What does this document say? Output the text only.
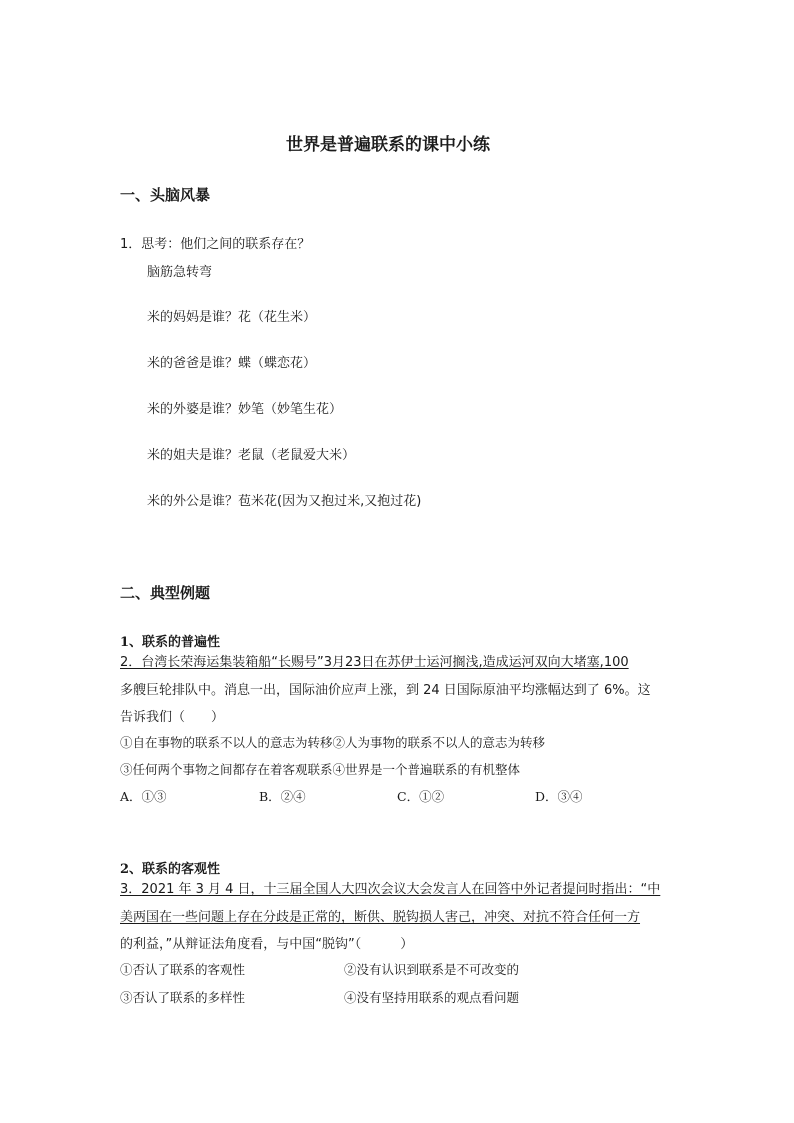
世界是普遍联系的课中小练
一、头脑风暴
1．思考：他们之间的联系存在？
脑筋急转弯
米的妈妈是谁？花（花生米）
米的爸爸是谁？蝶（蝶恋花）
米的外婆是谁？妙笔（妙笔生花）
米的姐夫是谁？老鼠（老鼠爱大米）
米的外公是谁？苞米花(因为又抱过米,又抱过花)
二、典型例题
1、联系的普遍性
2．台湾长荣海运集装箱船“长赐号”3月23日在苏伊士运河搁浅,造成运河双向大堵塞,100
多艘巨轮排队中。消息一出，国际油价应声上涨，到 24 日国际原油平均涨幅达到了 6%。这
告诉我们（　　）
①自在事物的联系不以人的意志为转移②人为事物的联系不以人的意志为转移
③任何两个事物之间都存在着客观联系④世界是一个普遍联系的有机整体
A．①③	B．②④	C．①②	D．③④
2、联系的客观性
3．2021 年 3 月 4 日，十三届全国人大四次会议大会发言人在回答中外记者提问时指出：“中
美两国在一些问题上存在分歧是正常的，断供、脱钩损人害己，冲突、对抗不符合任何一方
的利益，”从辩证法角度看，与中国“脱钩”（　　　）
①否认了联系的客观性	②没有认识到联系是不可改变的
③否认了联系的多样性	④没有坚持用联系的观点看问题
